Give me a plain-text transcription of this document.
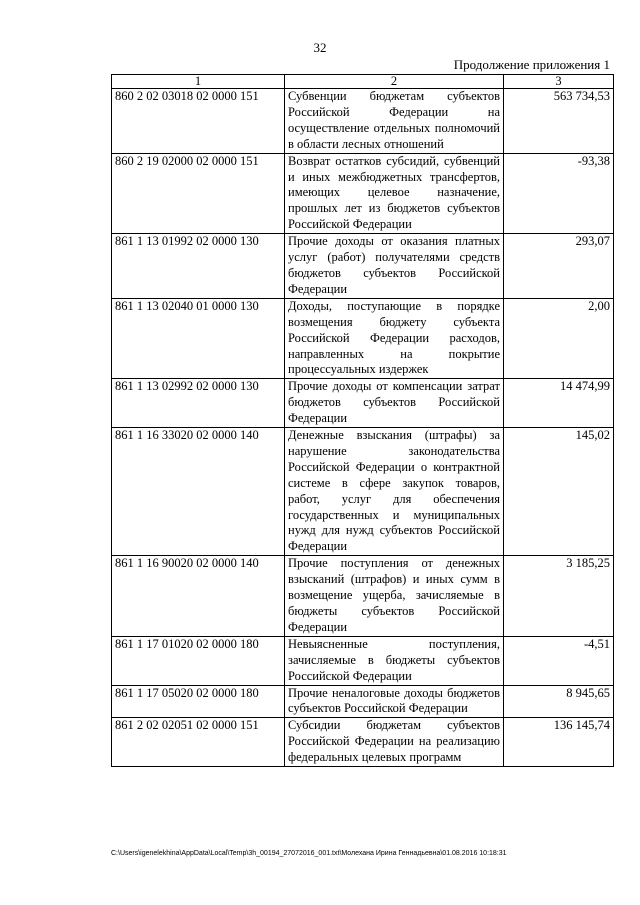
32
Продолжение приложения 1
1	2	3
860 2 02 03018 02 0000 151	Субвенции бюджетам субъектов Российской Федерации на осуществление отдельных полномочий в области лесных отношений	563 734,53
860 2 19 02000 02 0000 151	Возврат остатков субсидий, субвенций и иных межбюджетных трансфертов, имеющих целевое назначение, прошлых лет из бюджетов субъектов Российской Федерации	-93,38
861 1 13 01992 02 0000 130	Прочие доходы от оказания платных услуг (работ) получателями средств бюджетов субъектов Российской Федерации	293,07
861 1 13 02040 01 0000 130	Доходы, поступающие в порядке возмещения бюджету субъекта Российской Федерации расходов, направленных на покрытие процессуальных издержек	2,00
861 1 13 02992 02 0000 130	Прочие доходы от компенсации затрат бюджетов субъектов Российской Федерации	14 474,99
861 1 16 33020 02 0000 140	Денежные взыскания (штрафы) за нарушение законодательства Российской Федерации о контрактной системе в сфере закупок товаров, работ, услуг для обеспечения государственных и муниципальных нужд для нужд субъектов Российской Федерации	145,02
861 1 16 90020 02 0000 140	Прочие поступления от денежных взысканий (штрафов) и иных сумм в возмещение ущерба, зачисляемые в бюджеты субъектов Российской Федерации	3 185,25
861 1 17 01020 02 0000 180	Невыясненные поступления, зачисляемые в бюджеты субъектов Российской Федерации	-4,51
861 1 17 05020 02 0000 180	Прочие неналоговые доходы бюджетов субъектов Российской Федерации	8 945,65
861 2 02 02051 02 0000 151	Субсидии бюджетам субъектов Российской Федерации на реализацию федеральных целевых программ	136 145,74
C:\Users\igenelekhina\AppData\Local\Temp\3h_00194_27072016_001.txt\Молеханa Ирина Геннадьевна\01.08.2016 10:18:31
